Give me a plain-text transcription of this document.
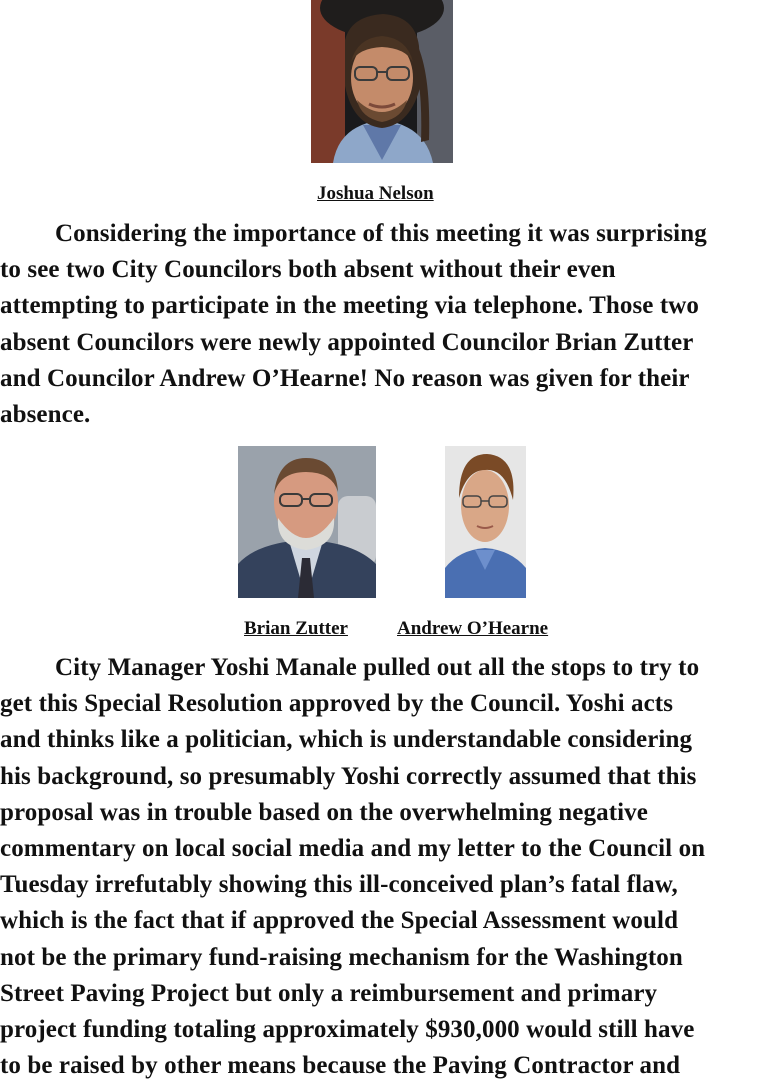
Joshua Nelson
Considering the importance of this meeting it was surprising
to see two City Councilors both absent without their even
attempting to participate in the meeting via telephone. Those two
absent Councilors were newly appointed Councilor Brian Zutter
and Councilor Andrew O’Hearne! No reason was given for their
absence.
Brian Zutter	Andrew O’Hearne
City Manager Yoshi Manale pulled out all the stops to try to
get this Special Resolution approved by the Council. Yoshi acts
and thinks like a politician, which is understandable considering
his background, so presumably Yoshi correctly assumed that this
proposal was in trouble based on the overwhelming negative
commentary on local social media and my letter to the Council on
Tuesday irrefutably showing this ill-conceived plan’s fatal flaw,
which is the fact that if approved the Special Assessment would
not be the primary fund-raising mechanism for the Washington
Street Paving Project but only a reimbursement and primary
project funding totaling approximately $930,000 would still have
to be raised by other means because the Paving Contractor and
